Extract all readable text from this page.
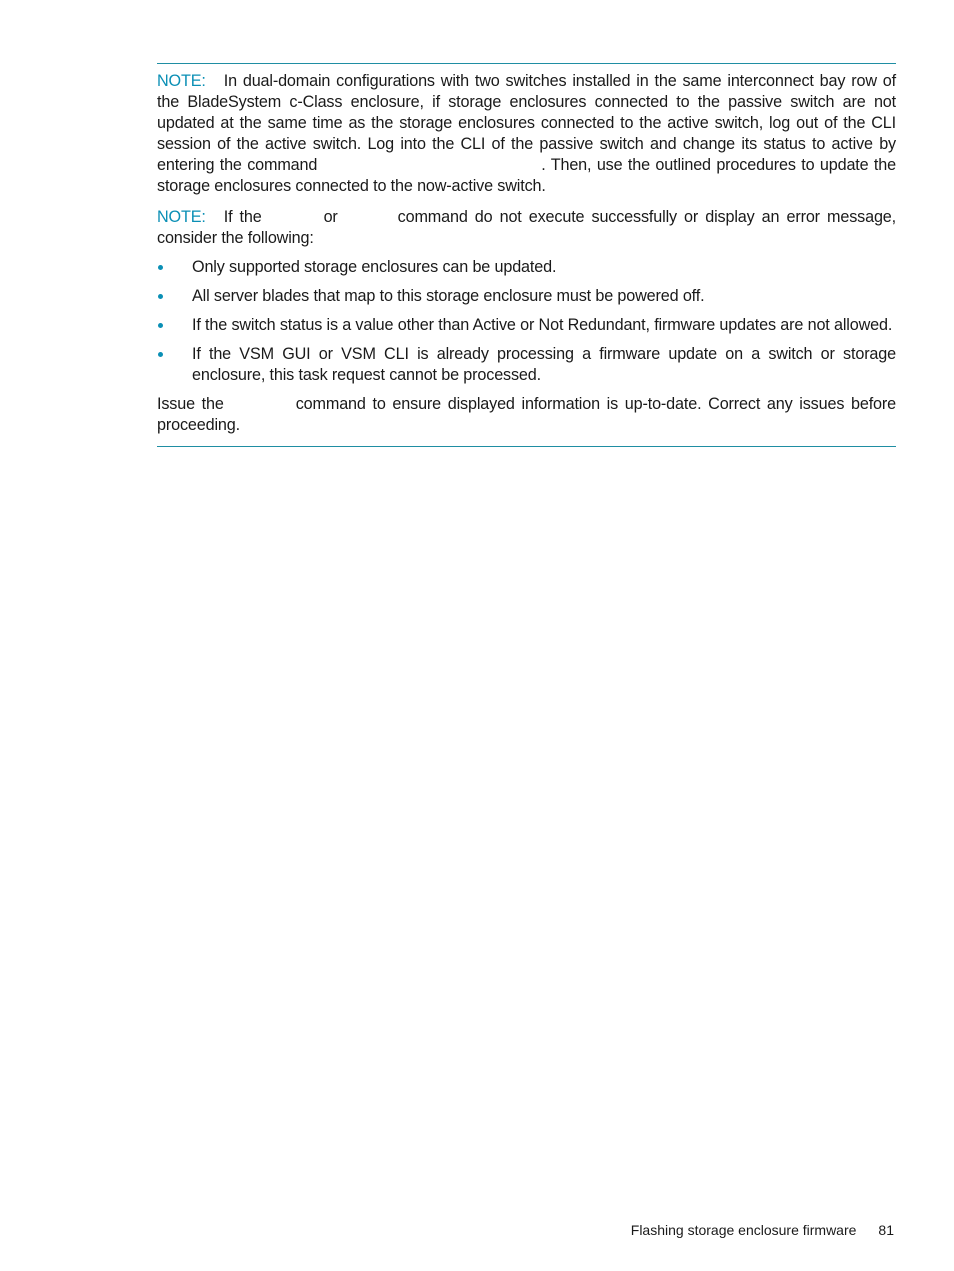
NOTE: In dual-domain configurations with two switches installed in the same interconnect bay row of the BladeSystem c-Class enclosure, if storage enclosures connected to the passive switch are not updated at the same time as the storage enclosures connected to the active switch, log out of the CLI session of the active switch. Log into the CLI of the passive switch and change its status to active by entering the command	. Then, use the outlined procedures to update the storage enclosures connected to the now-active switch.

NOTE: If the	or	command do not execute successfully or display an error message, consider the following:

Only supported storage enclosures can be updated.
All server blades that map to this storage enclosure must be powered off.
If the switch status is a value other than Active or Not Redundant, firmware updates are not allowed.
If the VSM GUI or VSM CLI is already processing a firmware update on a switch or storage enclosure, this task request cannot be processed.

Issue the	command to ensure displayed information is up-to-date. Correct any issues before proceeding.

Flashing storage enclosure firmware 81
